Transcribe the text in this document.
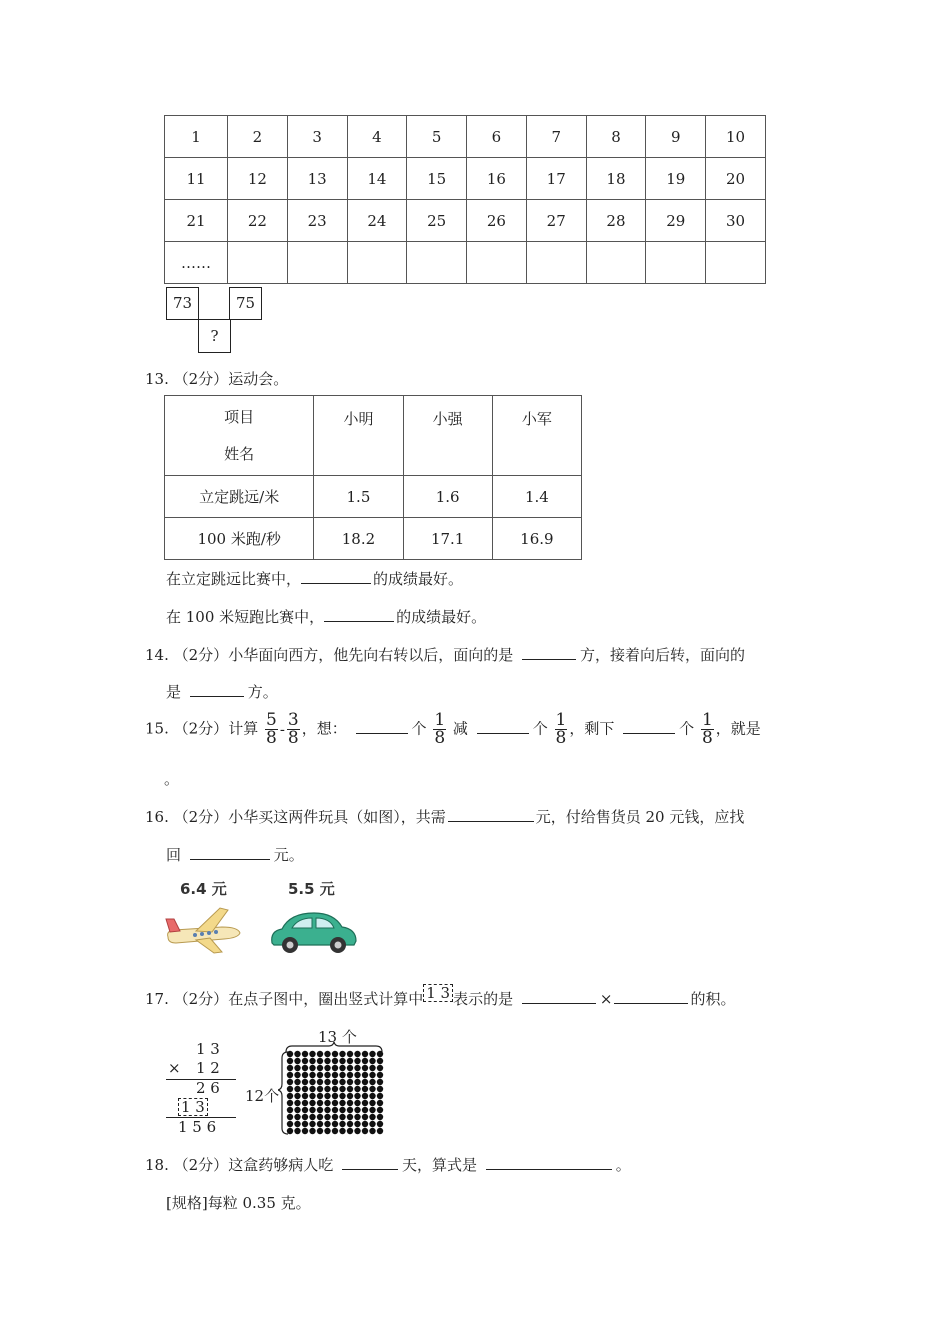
1	2	3	4	5	6	7	8	9	10
11	12	13	14	15	16	17	18	19	20
21	22	23	24	25	26	27	28	29	30
……									
73	75
?
13. （2分）运动会。
项目
姓名	小明	小强	小军
立定跳远/米	1.5	1.6	1.4
100 米跑/秒	18.2	17.1	16.9
在立定跳远比赛中，	的成绩最好。
在 100 米短跑比赛中，	的成绩最好。
14. （2分）小华面向西方，他先向右转以后，面向的是	方，接着向后转，面向的
是	方。
15. （2分）计算 $\frac{5}{8} - \frac{3}{8}$ ，想：	个 $\frac{1}{8}$ 减	个 $\frac{1}{8}$ ，剩下	个 $\frac{1}{8}$ ，就是
。
16. （2分）小华买这两件玩具（如图），共需	元，付给售货员 20 元钱，应找
回	元。
6.4 元	5.5 元
17. （2分）在点子图中，圈出竖式计算中 1 3 表示的是	×	的积。
1 3
× 1 2
2 6
1 3
1 5 6
13 个
12个
18. （2分）这盒药够病人吃	天，算式是	。
[规格]每粒 0.35 克。
